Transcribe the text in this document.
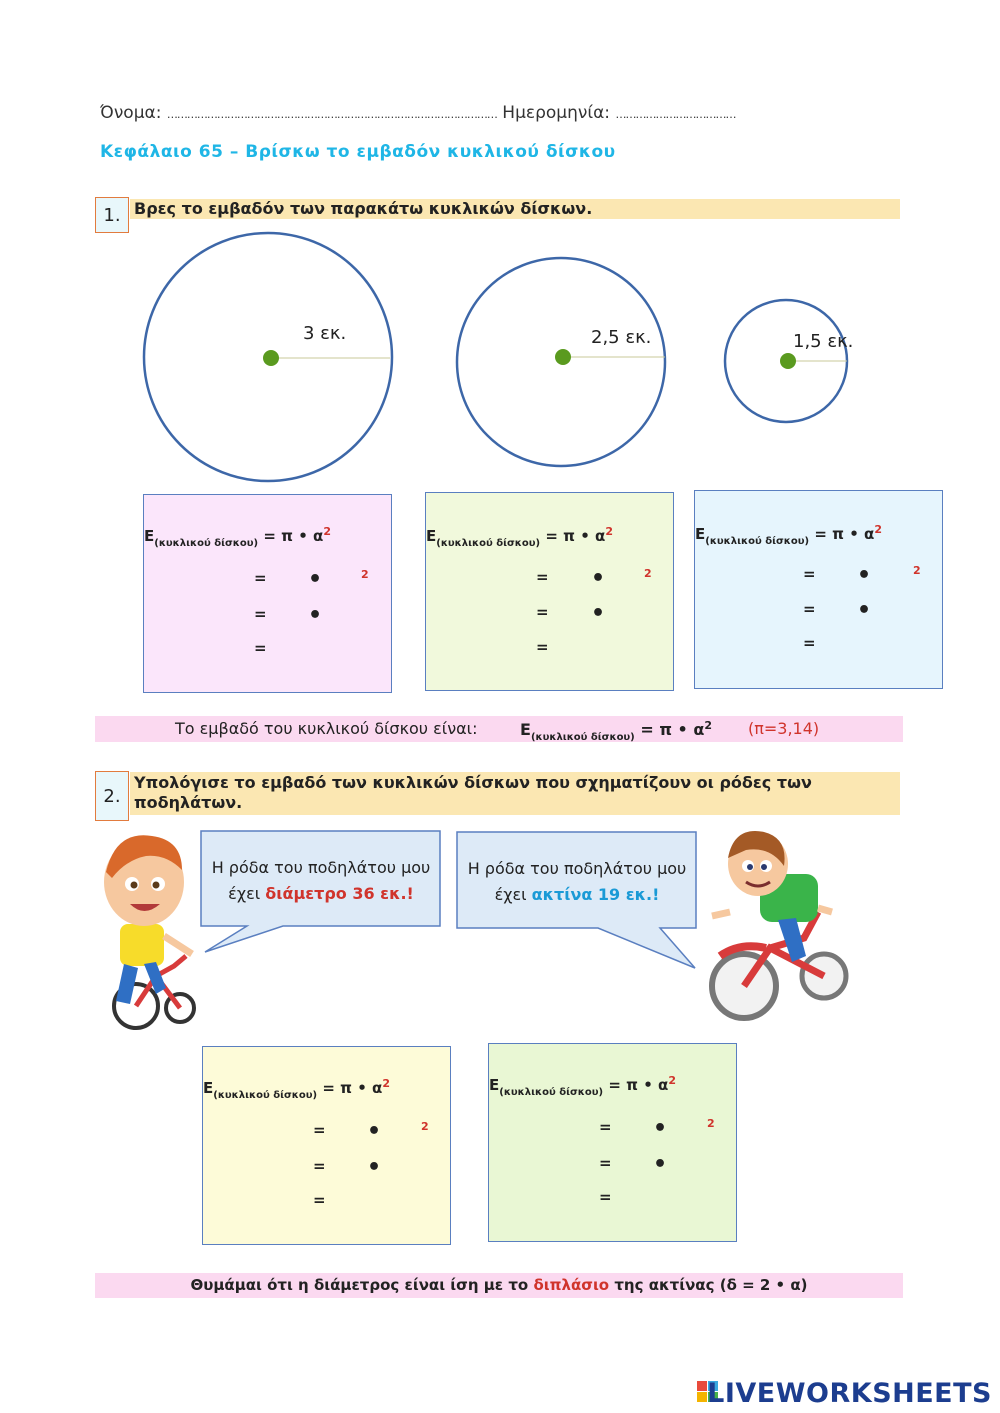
Όνομα: ……………………………………………………………………………………… Ημερομηνία: ………………………………
Κεφάλαιο 65 – Βρίσκω το εμβαδόν κυκλικού δίσκου
1. Βρες το εμβαδόν των παρακάτω κυκλικών δίσκων.
3 εκ.	2,5 εκ.	1,5 εκ.
$E_{(\kappa\upsilon\kappa\lambda\iota\kappa oύ \delta ί\sigma\kappa o\upsilon)} = \pi$ • $\alpha^2$
= •	2
= •
=
$E_{(\kappa\upsilon\kappa\lambda\iota\kappa oύ \delta ί\sigma\kappa o\upsilon)} = \pi$ • $\alpha^2$
= •	2
= •
=
$E_{(\kappa\upsilon\kappa\lambda\iota\kappa oύ \delta ί\sigma\kappa o\upsilon)} = \pi$ • $\alpha^2$
= •	2
= •
=
Το εμβαδό του κυκλικού δίσκου είναι:	$E_{(\kappa\upsilon\kappa\lambda\iota\kappa oύ \delta ί\sigma\kappa o\upsilon)} = \pi$ • $\alpha^2$ (π=3,14)
2.
Υπολόγισε το εμβαδό των κυκλικών δίσκων που σχηματίζουν οι ρόδες των
ποδηλάτων.
Η ρόδα του ποδηλάτου μου
έχει διάμετρο 36 εκ.!
Η ρόδα του ποδηλάτου μου
έχει ακτίνα 19 εκ.!
$E_{(\kappa\upsilon\kappa\lambda\iota\kappa oύ \delta ί\sigma\kappa o\upsilon)} = \pi$ • $\alpha^2$
= •	2
= •
=
$E_{(\kappa\upsilon\kappa\lambda\iota\kappa oύ \delta ί\sigma\kappa o\upsilon)} = \pi$ • $\alpha^2$
= •	2
= •
=
Θυμάμαι ότι η διάμετρος είναι ίση με το διπλάσιο της ακτίνας (δ = 2 • α)
LIVEWORKSHEETS
